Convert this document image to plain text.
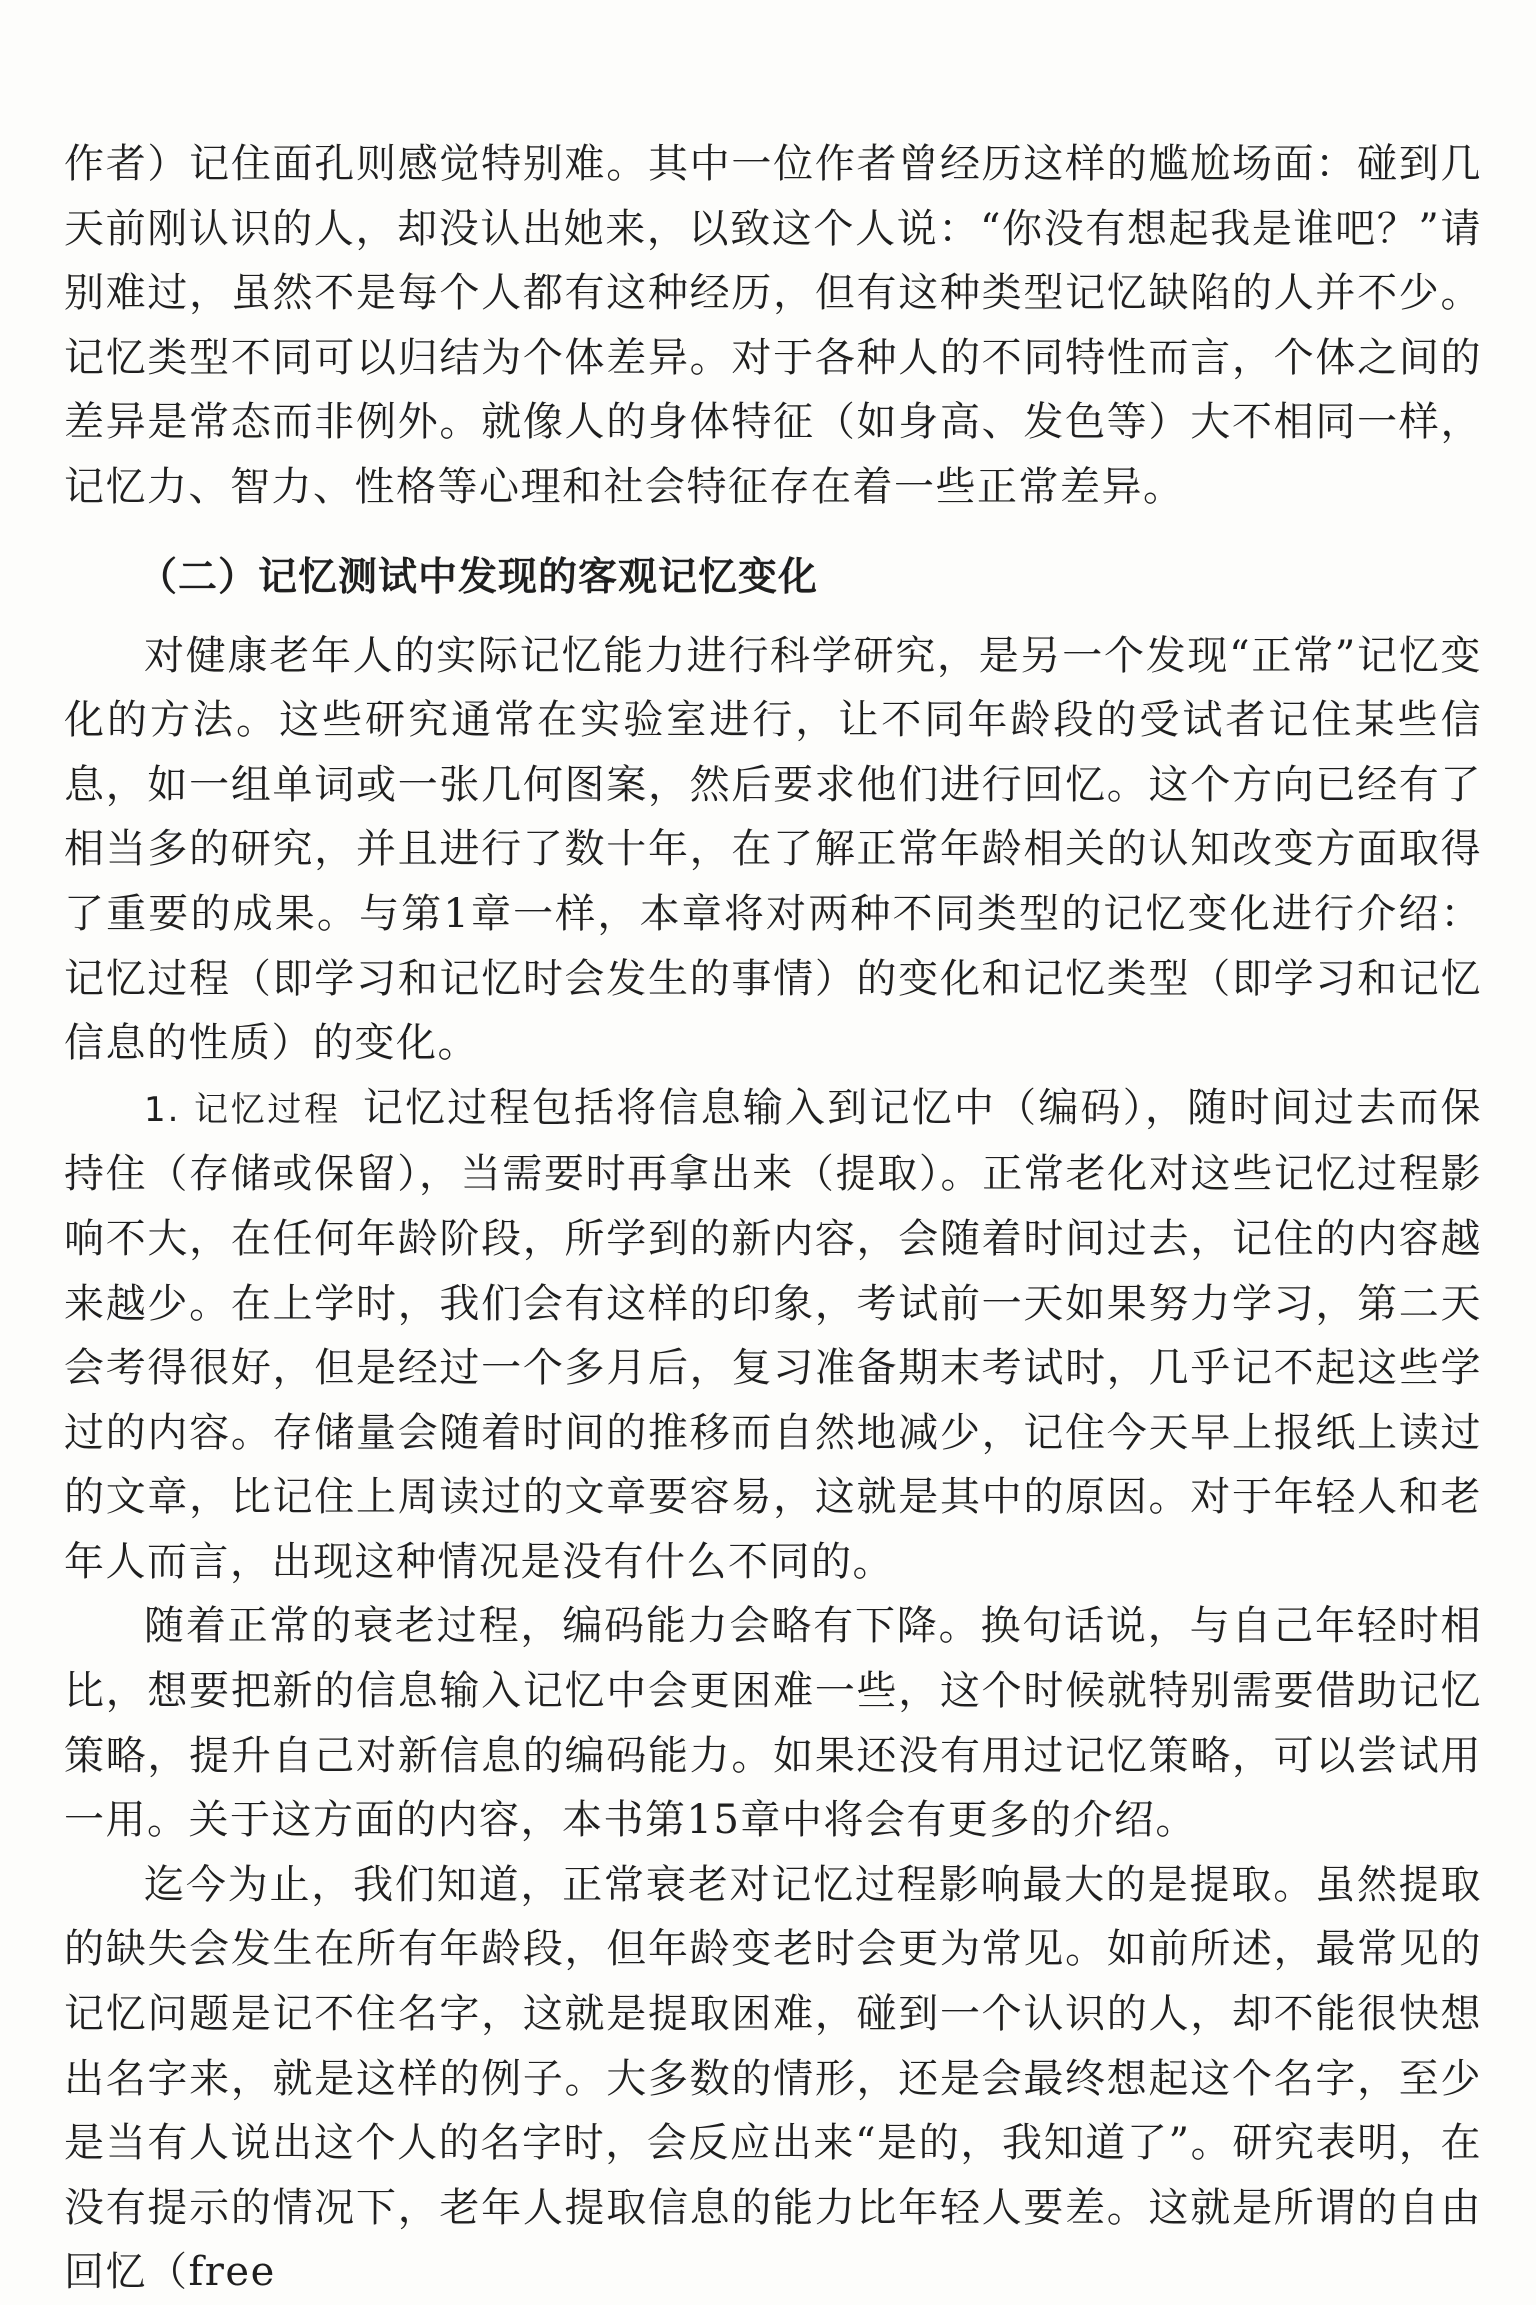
作者）记住面孔则感觉特别难。其中一位作者曾经历这样的尴尬场面：碰到几天前刚认识的人，却没认出她来，以致这个人说：“你没有想起我是谁吧？”请别难过，虽然不是每个人都有这种经历，但有这种类型记忆缺陷的人并不少。记忆类型不同可以归结为个体差异。对于各种人的不同特性而言，个体之间的差异是常态而非例外。就像人的身体特征（如身高、发色等）大不相同一样，记忆力、智力、性格等心理和社会特征存在着一些正常差异。

（二）记忆测试中发现的客观记忆变化

对健康老年人的实际记忆能力进行科学研究，是另一个发现“正常”记忆变化的方法。这些研究通常在实验室进行，让不同年龄段的受试者记住某些信息，如一组单词或一张几何图案，然后要求他们进行回忆。这个方向已经有了相当多的研究，并且进行了数十年，在了解正常年龄相关的认知改变方面取得了重要的成果。与第1章一样，本章将对两种不同类型的记忆变化进行介绍：记忆过程（即学习和记忆时会发生的事情）的变化和记忆类型（即学习和记忆信息的性质）的变化。

1. 记忆过程 记忆过程包括将信息输入到记忆中（编码），随时间过去而保持住（存储或保留），当需要时再拿出来（提取）。正常老化对这些记忆过程影响不大，在任何年龄阶段，所学到的新内容，会随着时间过去，记住的内容越来越少。在上学时，我们会有这样的印象，考试前一天如果努力学习，第二天会考得很好，但是经过一个多月后，复习准备期末考试时，几乎记不起这些学过的内容。存储量会随着时间的推移而自然地减少，记住今天早上报纸上读过的文章，比记住上周读过的文章要容易，这就是其中的原因。对于年轻人和老年人而言，出现这种情况是没有什么不同的。

随着正常的衰老过程，编码能力会略有下降。换句话说，与自己年轻时相比，想要把新的信息输入记忆中会更困难一些，这个时候就特别需要借助记忆策略，提升自己对新信息的编码能力。如果还没有用过记忆策略，可以尝试用一用。关于这方面的内容，本书第15章中将会有更多的介绍。

迄今为止，我们知道，正常衰老对记忆过程影响最大的是提取。虽然提取的缺失会发生在所有年龄段，但年龄变老时会更为常见。如前所述，最常见的记忆问题是记不住名字，这就是提取困难，碰到一个认识的人，却不能很快想出名字来，就是这样的例子。大多数的情形，还是会最终想起这个名字，至少是当有人说出这个人的名字时，会反应出来“是的，我知道了”。研究表明，在没有提示的情况下，老年人提取信息的能力比年轻人要差。这就是所谓的自由回忆（free
